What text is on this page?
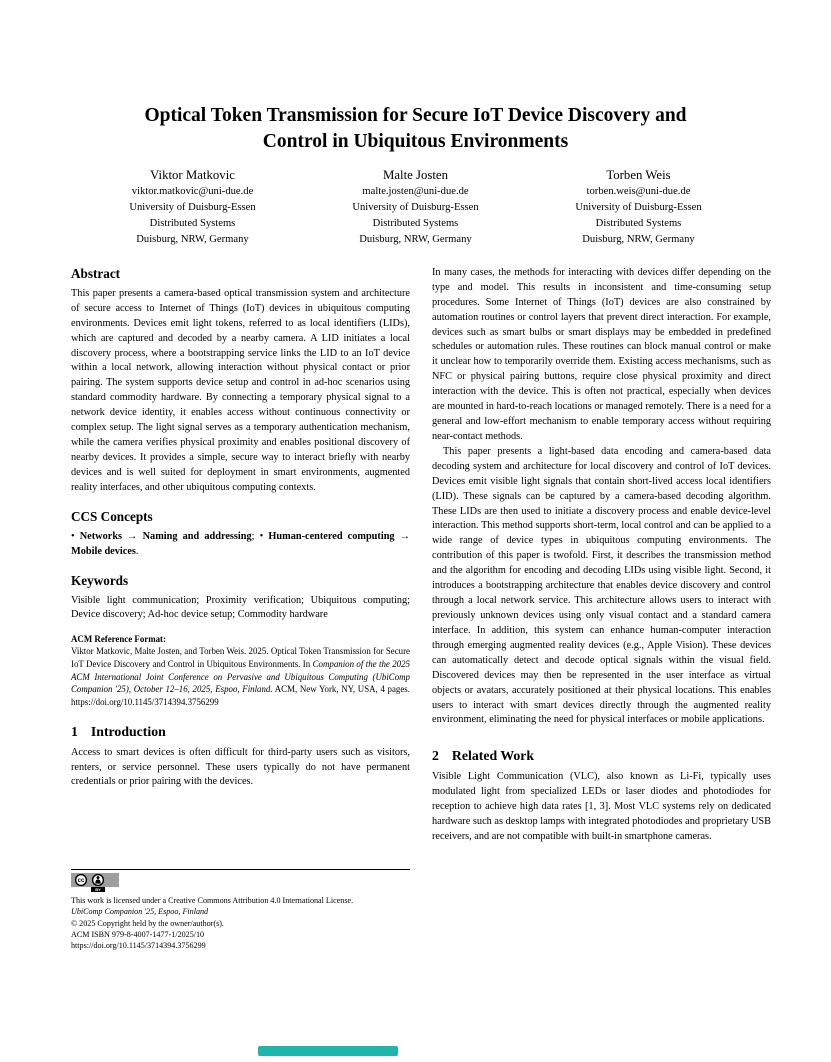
Optical Token Transmission for Secure IoT Device Discovery and
Control in Ubiquitous Environments
Viktor Matkovic
viktor.matkovic@uni-due.de
University of Duisburg-Essen
Distributed Systems
Duisburg, NRW, Germany
Malte Josten
malte.josten@uni-due.de
University of Duisburg-Essen
Distributed Systems
Duisburg, NRW, Germany
Torben Weis
torben.weis@uni-due.de
University of Duisburg-Essen
Distributed Systems
Duisburg, NRW, Germany
Abstract

This paper presents a camera-based optical transmission system and architecture of secure access to Internet of Things (IoT) devices in ubiquitous computing environments. Devices emit light tokens, referred to as local identifiers (LIDs), which are captured and decoded by a nearby camera. A LID initiates a local discovery process, where a bootstrapping service links the LID to an IoT device within a local network, allowing interaction without physical contact or prior pairing. The system supports device setup and control in ad-hoc scenarios using standard commodity hardware. By connecting a temporary physical signal to a network device identity, it enables access without continuous connectivity or complex setup. The light signal serves as a temporary authentication mechanism, while the camera verifies physical proximity and enables positional discovery of nearby devices. It provides a simple, secure way to interact briefly with nearby devices and is well suited for deployment in smart environments, augmented reality interfaces, and other ubiquitous computing contexts.

CCS Concepts

• Networks → Naming and addressing; • Human-centered computing → Mobile devices.

Keywords

Visible light communication; Proximity verification; Ubiquitous computing; Device discovery; Ad-hoc device setup; Commodity hardware

ACM Reference Format:

Viktor Matkovic, Malte Josten, and Torben Weis. 2025. Optical Token Transmission for Secure IoT Device Discovery and Control in Ubiquitous Environments. In Companion of the the 2025 ACM International Joint Conference on Pervasive and Ubiquitous Computing (UbiComp Companion '25), October 12–16, 2025, Espoo, Finland. ACM, New York, NY, USA, 4 pages. https://doi.org/10.1145/3714394.3756299

1 Introduction

Access to smart devices is often difficult for third-party users such as visitors, renters, or service personnel. These users typically do not have permanent credentials or prior pairing with the devices.

In many cases, the methods for interacting with devices differ depending on the type and model. This results in inconsistent and time-consuming setup procedures. Some Internet of Things (IoT) devices are also constrained by automation routines or control layers that prevent direct interaction. For example, devices such as smart bulbs or smart displays may be embedded in predefined schedules or automation rules. These routines can block manual control or make it unclear how to temporarily override them. Existing access mechanisms, such as NFC or physical pairing buttons, require close physical proximity and direct interaction with the device. This is often not practical, especially when devices are mounted in hard-to-reach locations or managed remotely. There is a need for a general and low-effort mechanism to enable temporary access without requiring near-contact methods.

This paper presents a light-based data encoding and camera-based data decoding system and architecture for local discovery and control of IoT devices. Devices emit visible light signals that contain short-lived access local identifiers (LID). These signals can be captured by a camera-based decoding algorithm. These LIDs are then used to initiate a discovery process and enable device-level interaction. This method supports short-term, local control and can be applied to a wide range of device types in ubiquitous computing environments. The contribution of this paper is twofold. First, it describes the transmission method and the algorithm for encoding and decoding LIDs using visible light. Second, it introduces a bootstrapping architecture that enables device discovery and control through a local network service. This architecture allows users to interact with previously unknown devices using only visual contact and a standard camera interface. In addition, this system can enhance human-computer interaction through emerging augmented reality devices (e.g., Apple Vision). These devices can automatically detect and decode optical signals within the visual field. Discovered devices may then be represented in the user interface as virtual objects or avatars, accurately positioned at their physical locations. This enables users to interact with smart devices directly through the augmented reality environment, eliminating the need for physical interfaces or mobile applications.

2 Related Work

Visible Light Communication (VLC), also known as Li-Fi, typically uses modulated light from specialized LEDs or laser diodes and photodiodes for reception to achieve high data rates [1, 3]. Most VLC systems rely on dedicated hardware such as desktop lamps with integrated photodiodes and proprietary USB receivers, and are not compatible with built-in smartphone cameras.

cc
BY

This work is licensed under a Creative Commons Attribution 4.0 International License.

UbiComp Companion '25, Espoo, Finland

© 2025 Copyright held by the owner/author(s).

ACM ISBN 979-8-4007-1477-1/2025/10

https://doi.org/10.1145/3714394.3756299
